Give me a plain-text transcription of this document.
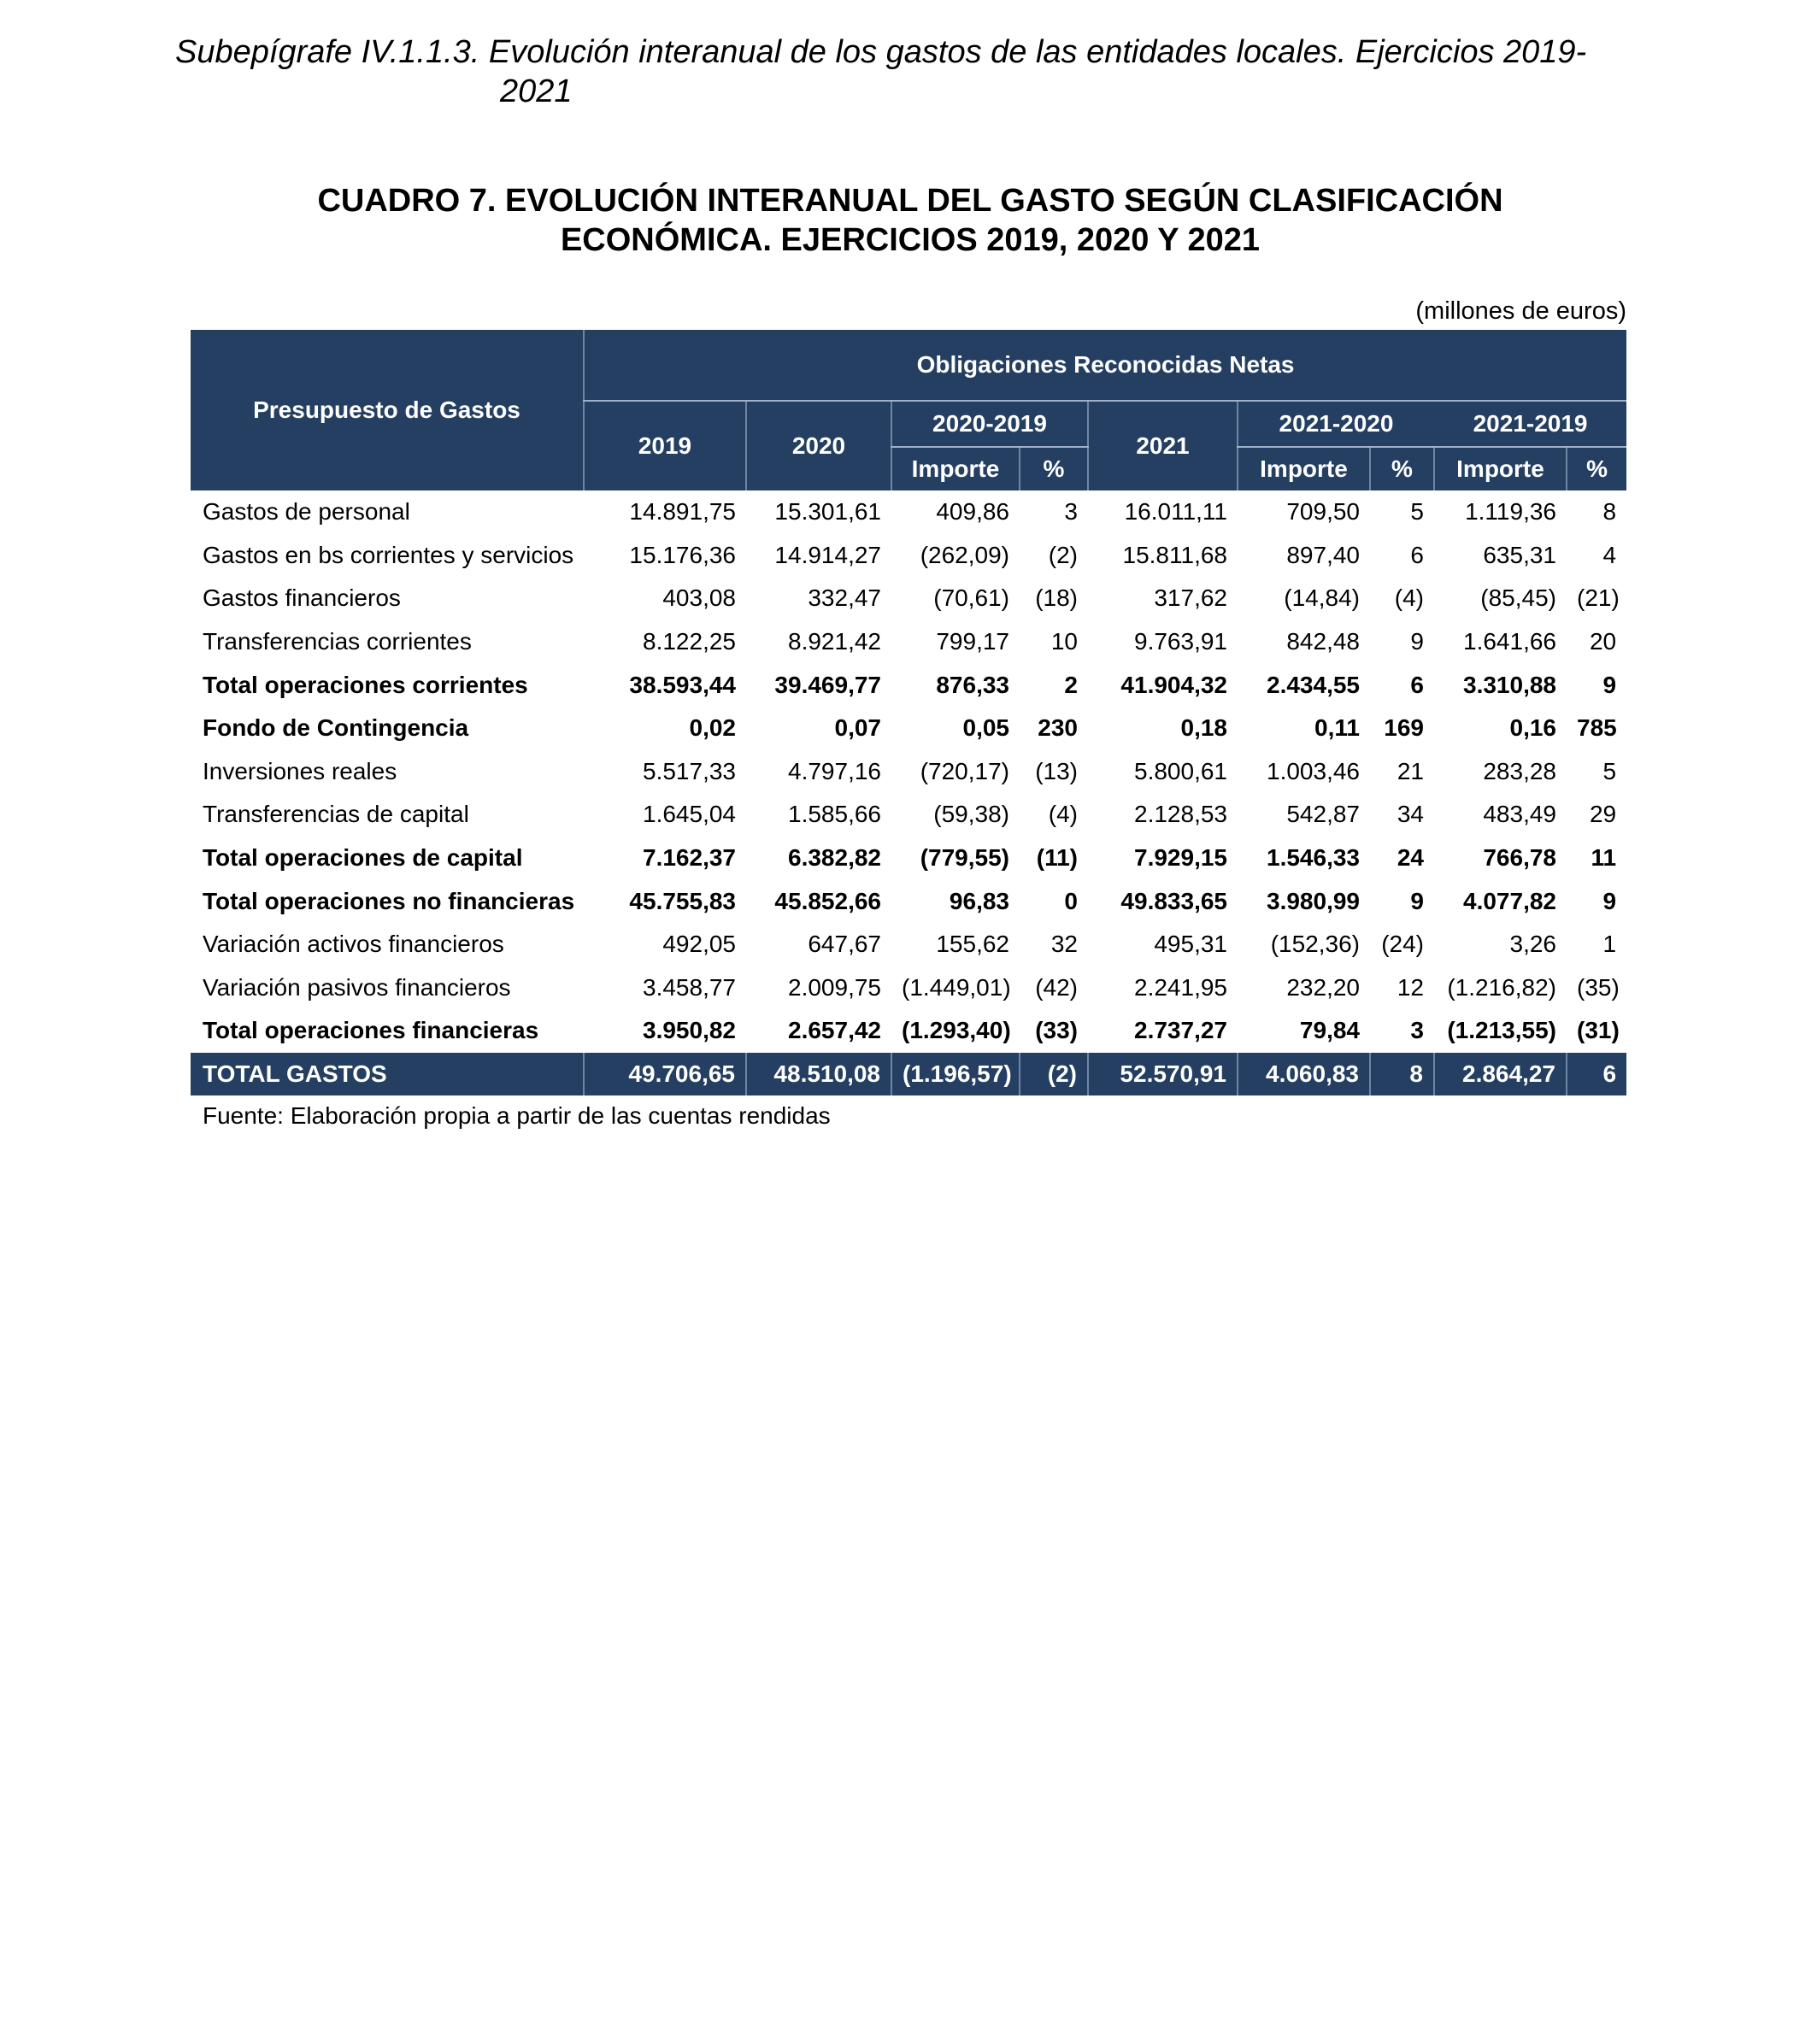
Subepígrafe IV.1.1.3. Evolución interanual de los gastos de las entidades locales. Ejercicios 2019-
2021
CUADRO 7. EVOLUCIÓN INTERANUAL DEL GASTO SEGÚN CLASIFICACIÓN
ECONÓMICA. EJERCICIOS 2019, 2020 Y 2021
(millones de euros)
Presupuesto de Gastos	Obligaciones Reconocidas Netas								
	2019	2020	2020-2019		2021	2021-2020		2021-2019	
			Importe	%		Importe	%	Importe	%
Gastos de personal	14.891,75	15.301,61	409,86	3	16.011,11	709,50	5	1.119,36	8
Gastos en bs corrientes y servicios	15.176,36	14.914,27	(262,09)	(2)	15.811,68	897,40	6	635,31	4
Gastos financieros	403,08	332,47	(70,61)	(18)	317,62	(14,84)	(4)	(85,45)	(21)
Transferencias corrientes	8.122,25	8.921,42	799,17	10	9.763,91	842,48	9	1.641,66	20
Total operaciones corrientes	38.593,44	39.469,77	876,33	2	41.904,32	2.434,55	6	3.310,88	9
Fondo de Contingencia	0,02	0,07	0,05	230	0,18	0,11	169	0,16	785
Inversiones reales	5.517,33	4.797,16	(720,17)	(13)	5.800,61	1.003,46	21	283,28	5
Transferencias de capital	1.645,04	1.585,66	(59,38)	(4)	2.128,53	542,87	34	483,49	29
Total operaciones de capital	7.162,37	6.382,82	(779,55)	(11)	7.929,15	1.546,33	24	766,78	11
Total operaciones no financieras	45.755,83	45.852,66	96,83	0	49.833,65	3.980,99	9	4.077,82	9
Variación activos financieros	492,05	647,67	155,62	32	495,31	(152,36)	(24)	3,26	1
Variación pasivos financieros	3.458,77	2.009,75	(1.449,01)	(42)	2.241,95	232,20	12	(1.216,82)	(35)
Total operaciones financieras	3.950,82	2.657,42	(1.293,40)	(33)	2.737,27	79,84	3	(1.213,55)	(31)
TOTAL GASTOS	49.706,65	48.510,08	(1.196,57)	(2)	52.570,91	4.060,83	8	2.864,27	6
Fuente: Elaboración propia a partir de las cuentas rendidas
